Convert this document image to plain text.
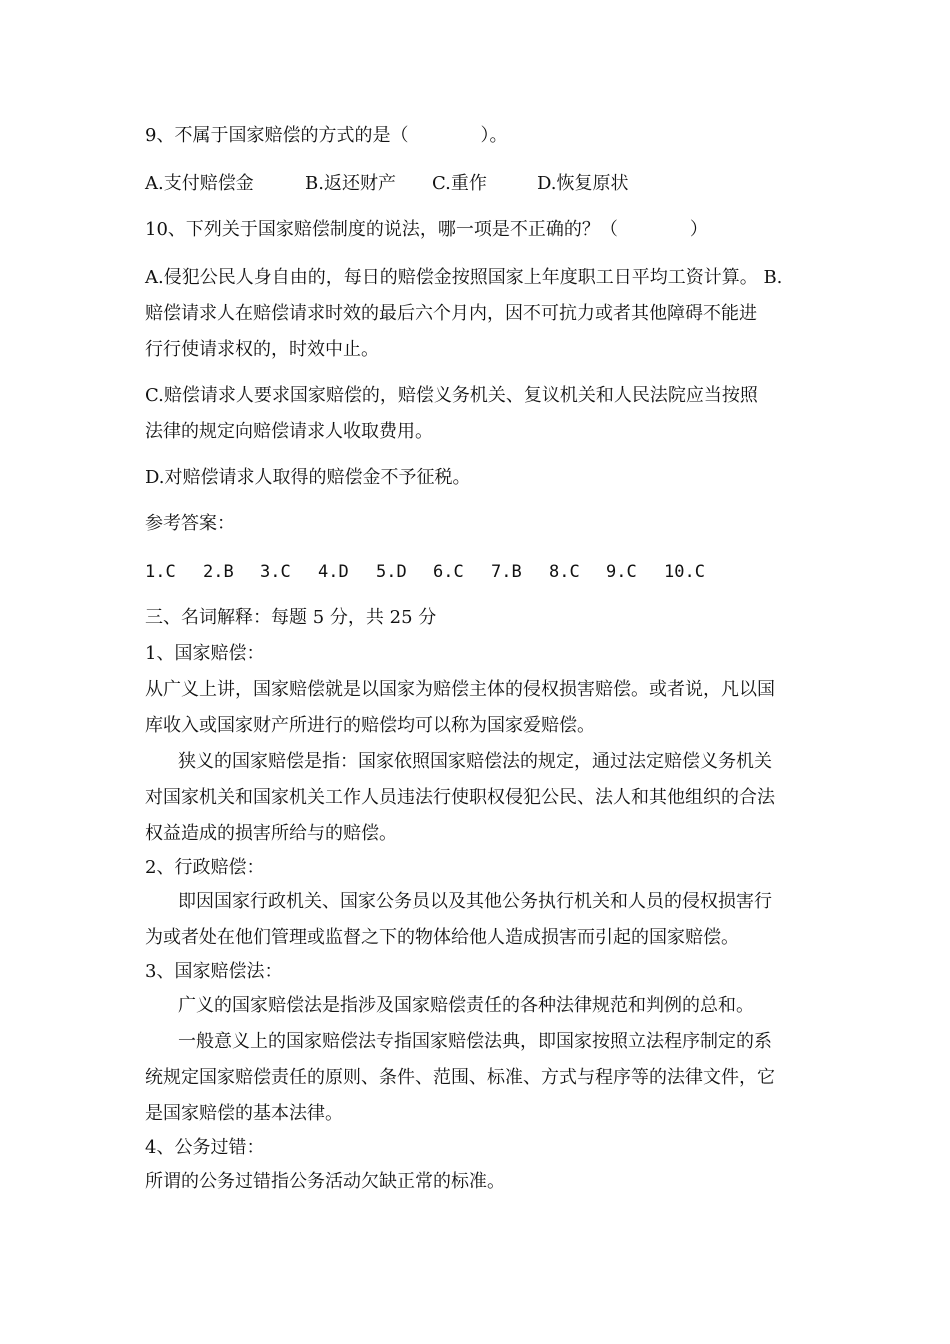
9、不属于国家赔偿的方式的是（　　　　）。
A.支付赔偿金	B.返还财产 C.重作	D.恢复原状
10、下列关于国家赔偿制度的说法，哪一项是不正确的？（　　　　）
A.侵犯公民人身自由的，每日的赔偿金按照国家上年度职工日平均工资计算。 B.
赔偿请求人在赔偿请求时效的最后六个月内，因不可抗力或者其他障碍不能进
行行使请求权的，时效中止。
C.赔偿请求人要求国家赔偿的，赔偿义务机关、复议机关和人民法院应当按照
法律的规定向赔偿请求人收取费用。
D.对赔偿请求人取得的赔偿金不予征税。
参考答案：
1.C 2.B 3.C 4.D 5.D 6.C 7.B 8.C 9.C 10.C
三、名词解释：每题 5 分，共 25 分
1、国家赔偿：
从广义上讲，国家赔偿就是以国家为赔偿主体的侵权损害赔偿。或者说，凡以国
库收入或国家财产所进行的赔偿均可以称为国家爱赔偿。
狭义的国家赔偿是指：国家依照国家赔偿法的规定，通过法定赔偿义务机关
对国家机关和国家机关工作人员违法行使职权侵犯公民、法人和其他组织的合法
权益造成的损害所给与的赔偿。
2、行政赔偿：
即因国家行政机关、国家公务员以及其他公务执行机关和人员的侵权损害行
为或者处在他们管理或监督之下的物体给他人造成损害而引起的国家赔偿。
3、国家赔偿法：
广义的国家赔偿法是指涉及国家赔偿责任的各种法律规范和判例的总和。
一般意义上的国家赔偿法专指国家赔偿法典，即国家按照立法程序制定的系
统规定国家赔偿责任的原则、条件、范围、标准、方式与程序等的法律文件，它
是国家赔偿的基本法律。
4、公务过错：
所谓的公务过错指公务活动欠缺正常的标准。
